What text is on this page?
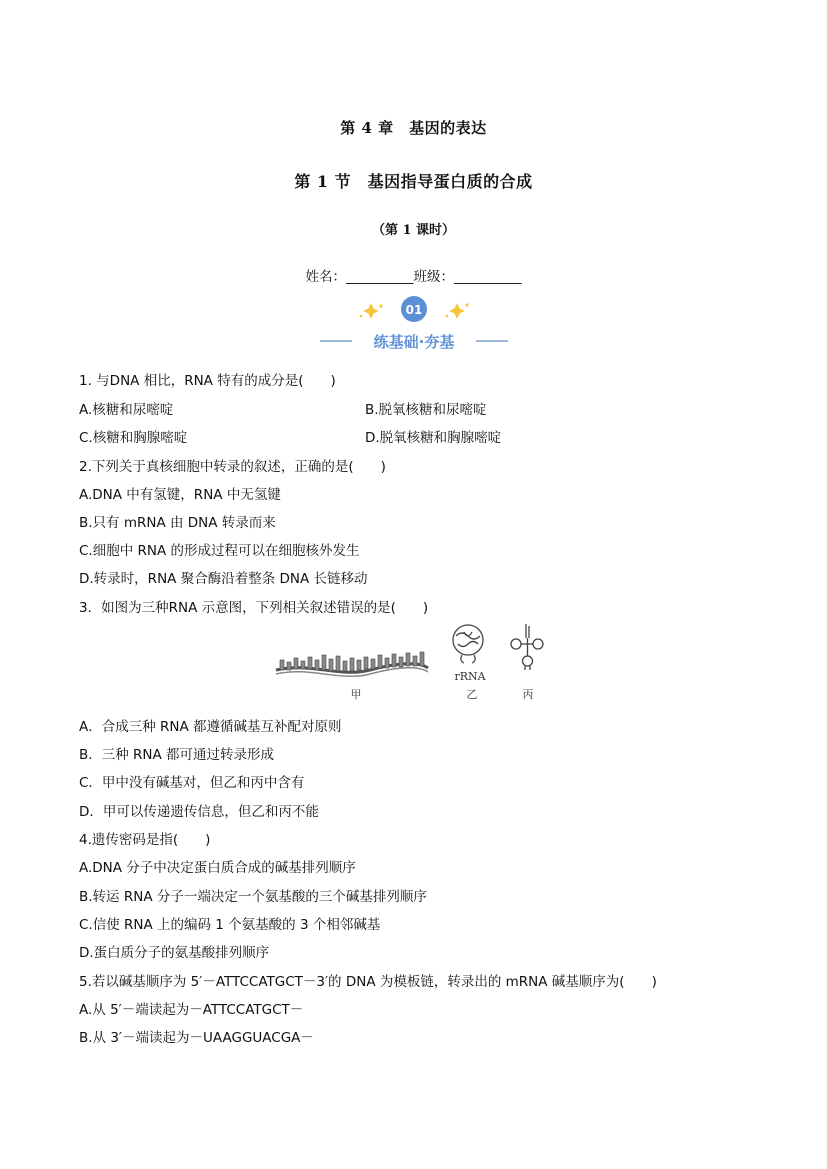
第 4 章　基因的表达
第 1 节　基因指导蛋白质的合成
（第 1 课时）
姓名：__________班级：__________
01
练基础·夯基
1. 与DNA 相比，RNA 特有的成分是(　　)
A.核糖和尿嘧啶	B.脱氧核糖和尿嘧啶
C.核糖和胸腺嘧啶	D.脱氧核糖和胸腺嘧啶
2.下列关于真核细胞中转录的叙述，正确的是(　　)
A.DNA 中有氢键，RNA 中无氢键
B.只有 mRNA 由 DNA 转录而来
C.细胞中 RNA 的形成过程可以在细胞核外发生
D.转录时，RNA 聚合酶沿着整条 DNA 长链移动
3．如图为三种RNA 示意图，下列相关叙述错误的是(　　)
甲
rRNA
乙	丙
A．合成三种 RNA 都遵循碱基互补配对原则
B．三种 RNA 都可通过转录形成
C．甲中没有碱基对，但乙和丙中含有
D．甲可以传递遗传信息，但乙和丙不能
4.遗传密码是指(　　)
A.DNA 分子中决定蛋白质合成的碱基排列顺序
B.转运 RNA 分子一端决定一个氨基酸的三个碱基排列顺序
C.信使 RNA 上的编码 1 个氨基酸的 3 个相邻碱基
D.蛋白质分子的氨基酸排列顺序
5.若以碱基顺序为 5′－ATTCCATGCT－3′的 DNA 为模板链，转录出的 mRNA 碱基顺序为(　　)
A.从 5′－端读起为－ATTCCATGCT－
B.从 3′－端读起为－UAAGGUACGA－
